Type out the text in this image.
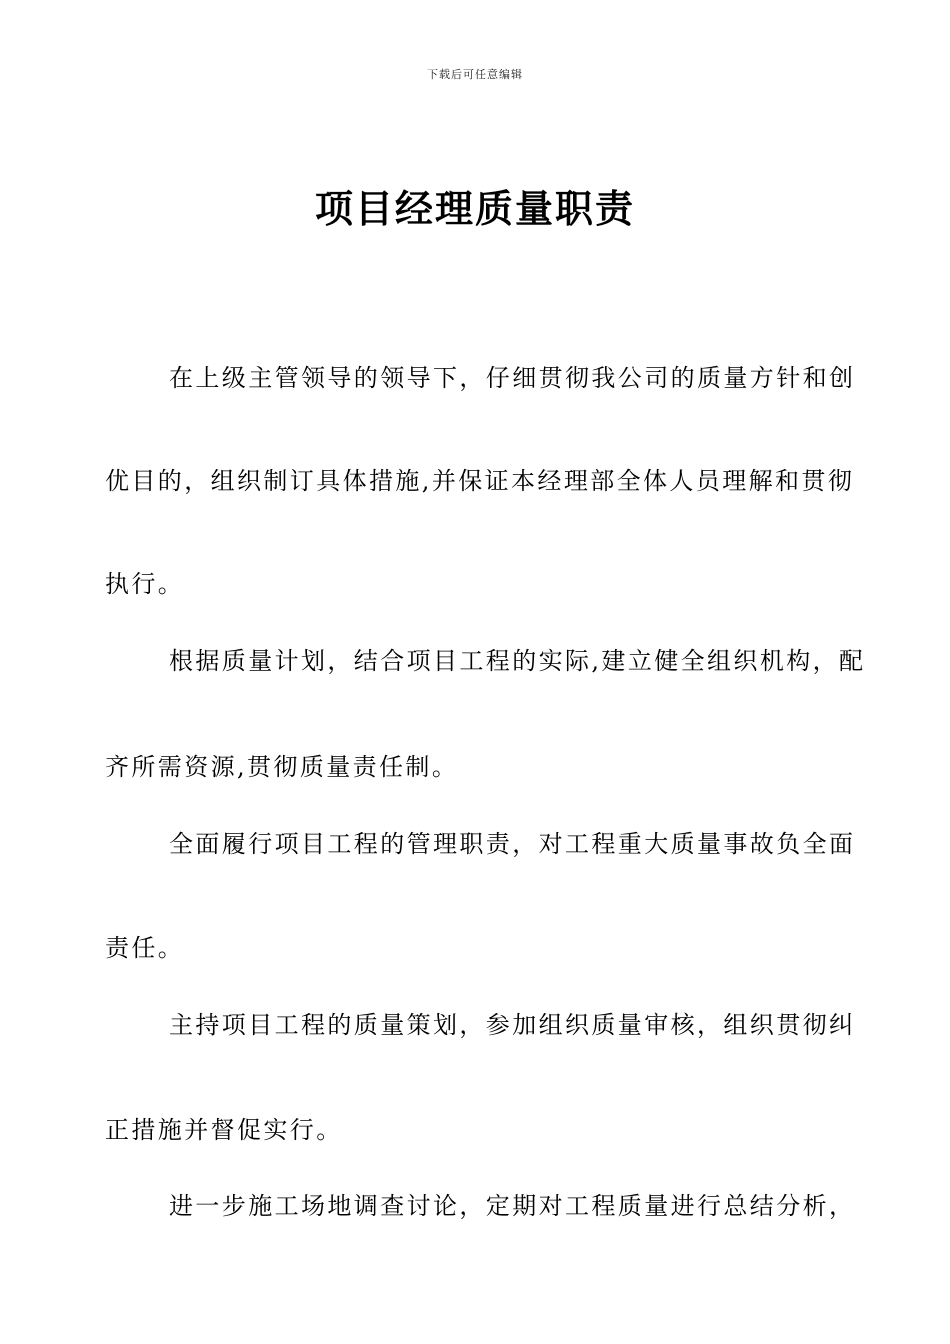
下载后可任意编辑
项目经理质量职责
在上级主管领导的领导下，仔细贯彻我公司的质量方针和创
优目的，组织制订具体措施,并保证本经理部全体人员理解和贯彻
执行。
根据质量计划，结合项目工程的实际,建立健全组织机构，配
齐所需资源,贯彻质量责任制。
全面履行项目工程的管理职责，对工程重大质量事故负全面
责任。
主持项目工程的质量策划，参加组织质量审核，组织贯彻纠
正措施并督促实行。
进一步施工场地调查讨论，定期对工程质量进行总结分析，
